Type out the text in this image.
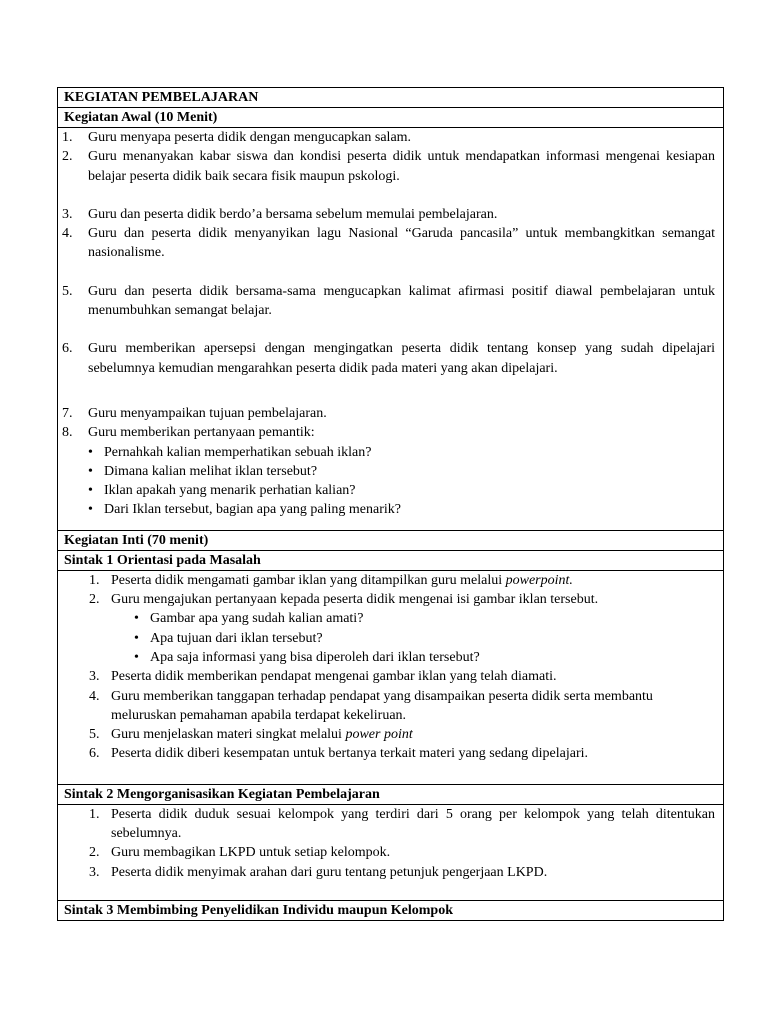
KEGIATAN PEMBELAJARAN
Kegiatan Awal (10 Menit)
1.	Guru menyapa peserta didik dengan mengucapkan salam.
2.	Guru menanyakan kabar siswa dan kondisi peserta didik untuk mendapatkan informasi mengenai kesiapan belajar peserta didik baik secara fisik maupun pskologi.
3.	Guru dan peserta didik berdo’a bersama sebelum memulai pembelajaran.
4.	Guru dan peserta didik menyanyikan lagu Nasional “Garuda pancasila” untuk membangkitkan semangat nasionalisme.
5.	Guru dan peserta didik bersama-sama mengucapkan kalimat afirmasi positif diawal pembelajaran untuk menumbuhkan semangat belajar.
6.	Guru memberikan apersepsi dengan mengingatkan peserta didik tentang konsep yang sudah dipelajari sebelumnya kemudian mengarahkan peserta didik pada materi yang akan dipelajari.
7.	Guru menyampaikan tujuan pembelajaran.
8.	Guru memberikan pertanyaan pemantik:
• Pernahkah kalian memperhatikan sebuah iklan?
• Dimana kalian melihat iklan tersebut?
• Iklan apakah yang menarik perhatian kalian?
• Dari Iklan tersebut, bagian apa yang paling menarik?
Kegiatan Inti (70 menit)
Sintak 1 Orientasi pada Masalah
1. Peserta didik mengamati gambar iklan yang ditampilkan guru melalui powerpoint.
2. Guru mengajukan pertanyaan kepada peserta didik mengenai isi gambar iklan tersebut.
• Gambar apa yang sudah kalian amati?
• Apa tujuan dari iklan tersebut?
• Apa saja informasi yang bisa diperoleh dari iklan tersebut?
3. Peserta didik memberikan pendapat mengenai gambar iklan yang telah diamati.
4. Guru memberikan tanggapan terhadap pendapat yang disampaikan peserta didik serta membantu meluruskan pemahaman apabila terdapat kekeliruan.
5. Guru menjelaskan materi singkat melalui power point
6. Peserta didik diberi kesempatan untuk bertanya terkait materi yang sedang dipelajari.
Sintak 2 Mengorganisasikan Kegiatan Pembelajaran
1. Peserta didik duduk sesuai kelompok yang terdiri dari 5 orang per kelompok yang telah ditentukan sebelumnya.
2. Guru membagikan LKPD untuk setiap kelompok.
3. Peserta didik menyimak arahan dari guru tentang petunjuk pengerjaan LKPD.
Sintak 3 Membimbing Penyelidikan Individu maupun Kelompok
